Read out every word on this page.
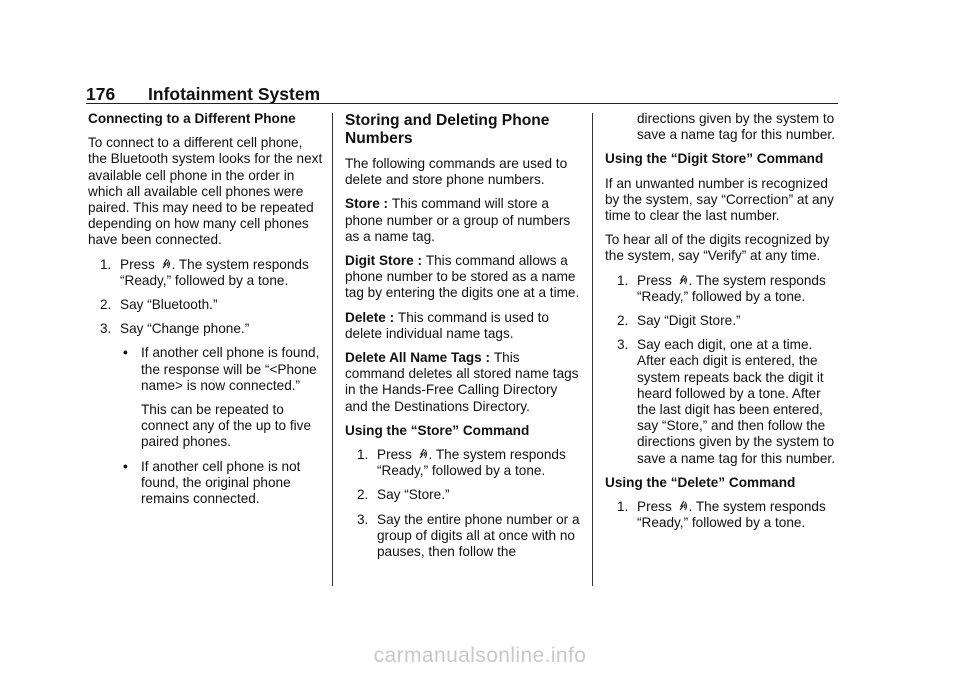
176 Infotainment System

Connecting to a Different Phone

To connect to a different cell phone, the Bluetooth system looks for the next available cell phone in the order in which all available cell phones were paired. This may need to be repeated depending on how many cell phones have been connected.

1. Press
. The system responds
“Ready,” followed by a tone.

2. Say “Bluetooth.”

3. Say “Change phone.”

• If another cell phone is found, the response will be “<Phone name> is now connected.”

This can be repeated to connect any of the up to five paired phones.

• If another cell phone is not found, the original phone remains connected.

Storing and Deleting Phone Numbers

The following commands are used to delete and store phone numbers.

Store : This command will store a phone number or a group of numbers as a name tag.

Digit Store : This command allows a phone number to be stored as a name tag by entering the digits one at a time.

Delete : This command is used to delete individual name tags.

Delete All Name Tags : This command deletes all stored name tags in the Hands-Free Calling Directory and the Destinations Directory.

Using the “Store” Command

1. Press
. The system responds
“Ready,” followed by a tone.

2. Say “Store.”

3. Say the entire phone number or a group of digits all at once with no pauses, then follow the

directions given by the system to save a name tag for this number.

Using the “Digit Store” Command

If an unwanted number is recognized by the system, say “Correction” at any time to clear the last number.

To hear all of the digits recognized by the system, say “Verify” at any time.

1. Press
. The system responds
“Ready,” followed by a tone.

2. Say “Digit Store.”

3. Say each digit, one at a time. After each digit is entered, the system repeats back the digit it heard followed by a tone. After the last digit has been entered, say “Store,” and then follow the directions given by the system to save a name tag for this number.

Using the “Delete” Command

1. Press
. The system responds
“Ready,” followed by a tone.

carmanualsonline.info
